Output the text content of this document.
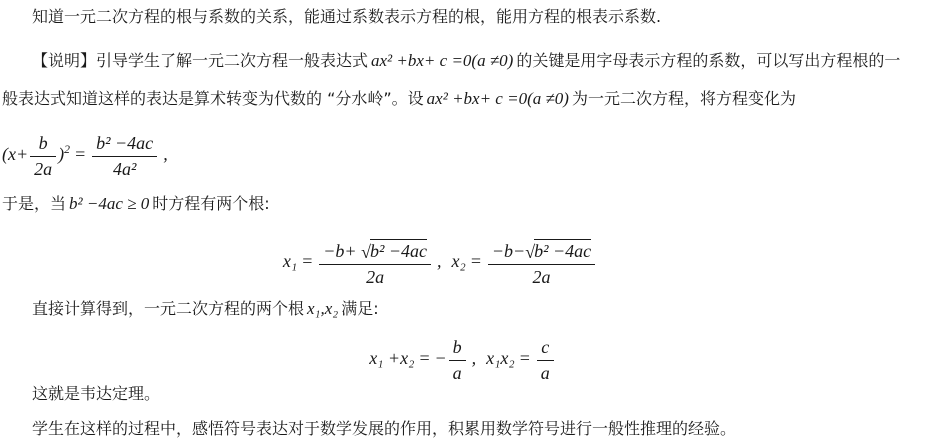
知道一元二次方程的根与系数的关系，能通过系数表示方程的根，能用方程的根表示系数.
【说明】引导学生了解一元二次方程一般表达式 ax² +bx+ c =0(a ≠0) 的关键是用字母表示方程的系数，可以写出方程根的一
般表达式知道这样的表达是算术转变为代数的 “分水岭”。设 ax² +bx+ c =0(a ≠0) 为一元二次方程，将方程变化为
$(x+ \frac{b}{2a} )^2 = \frac{\text{b² −4ac}}{\text{4a²}}$ ,
于是，当 b² −4ac ≥ 0 时方程有两个根:
$x_1 = \frac{\text{−b+ √b² −4ac}}{2a}$ , $x_2 = \frac{\text{−b−√b² −4ac}}{2a}$
直接计算得到，一元二次方程的两个根 x₁,x₂ 满足:
x₁ +x₂ = − $\frac{b}{a}$ , $x_1x_2 = \frac{c}{a}$
这就是韦达定理。
学生在这样的过程中，感悟符号表达对于数学发展的作用，积累用数学符号进行一般性推理的经验。
